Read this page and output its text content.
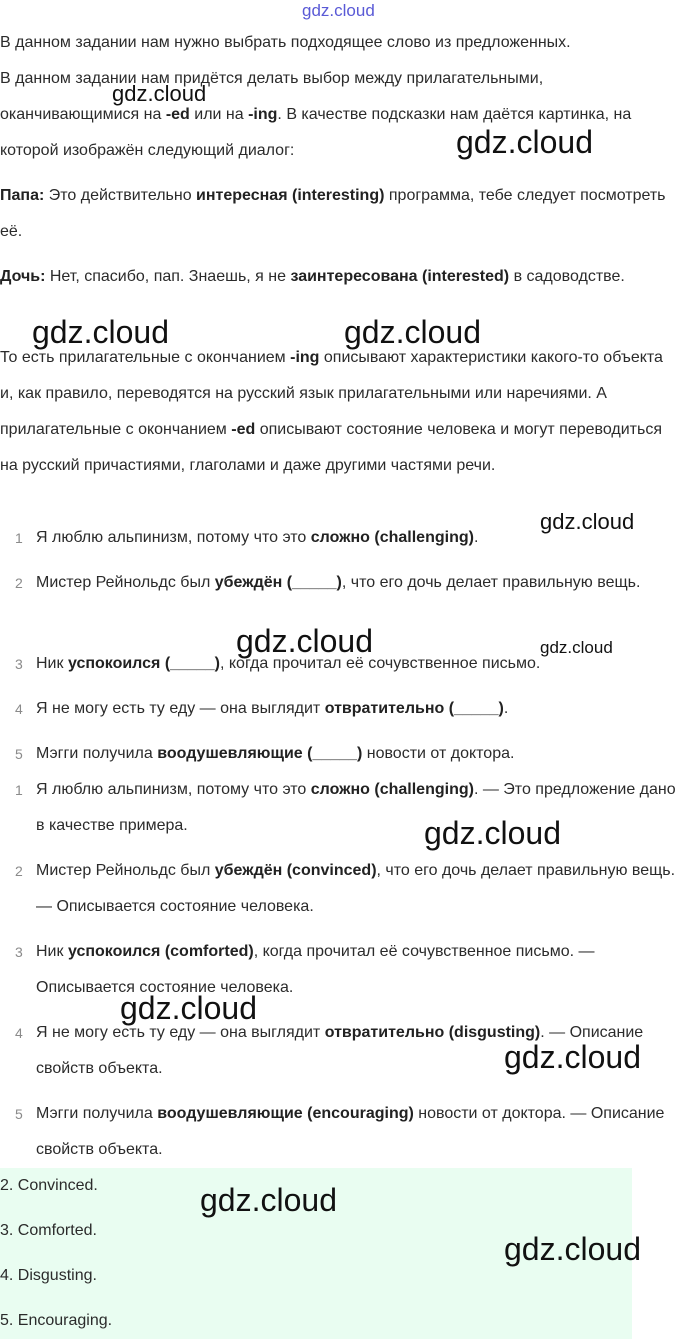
gdz.cloud

В данном задании нам нужно выбрать подходящее слово из предложенных.

В данном задании нам придётся делать выбор между прилагательными, оканчивающимися на -ed или на -ing. В качестве подсказки нам даётся картинка, на которой изображён следующий диалог:

Папа: Это действительно интересная (interesting) программа, тебе следует посмотреть её.

Дочь: Нет, спасибо, пап. Знаешь, я не заинтересована (interested) в садоводстве.

То есть прилагательные с окончанием -ing описывают характеристики какого-то объекта и, как правило, переводятся на русский язык прилагательными или наречиями. А прилагательные с окончанием -ed описывают состояние человека и могут переводиться на русский причастиями, глаголами и даже другими частями речи.

1 Я люблю альпинизм, потому что это сложно (challenging).
2 Мистер Рейнольдс был убеждён (_____), что его дочь делает правильную вещь.
3 Ник успокоился (_____), когда прочитал её сочувственное письмо.
4 Я не могу есть ту еду — она выглядит отвратительно (_____).
5 Мэгги получила воодушевляющие (_____) новости от доктора.
1 Я люблю альпинизм, потому что это сложно (challenging). — Это предложение дано в качестве примера.
2 Мистер Рейнольдс был убеждён (convinced), что его дочь делает правильную вещь. — Описывается состояние человека.
3 Ник успокоился (comforted), когда прочитал её сочувственное письмо. — Описывается состояние человека.
4 Я не могу есть ту еду — она выглядит отвратительно (disgusting). — Описание свойств объекта.
5 Мэгги получила воодушевляющие (encouraging) новости от доктора. — Описание свойств объекта.
2. Convinced.
3. Comforted.
4. Disgusting.
5. Encouraging.
gdz.cloud
gdz.cloud
gdz.cloud	gdz.cloud
gdz.cloud
gdz.cloud	gdz.cloud
gdz.cloud
gdz.cloud
gdz.cloud
gdz.cloud
gdz.cloud
